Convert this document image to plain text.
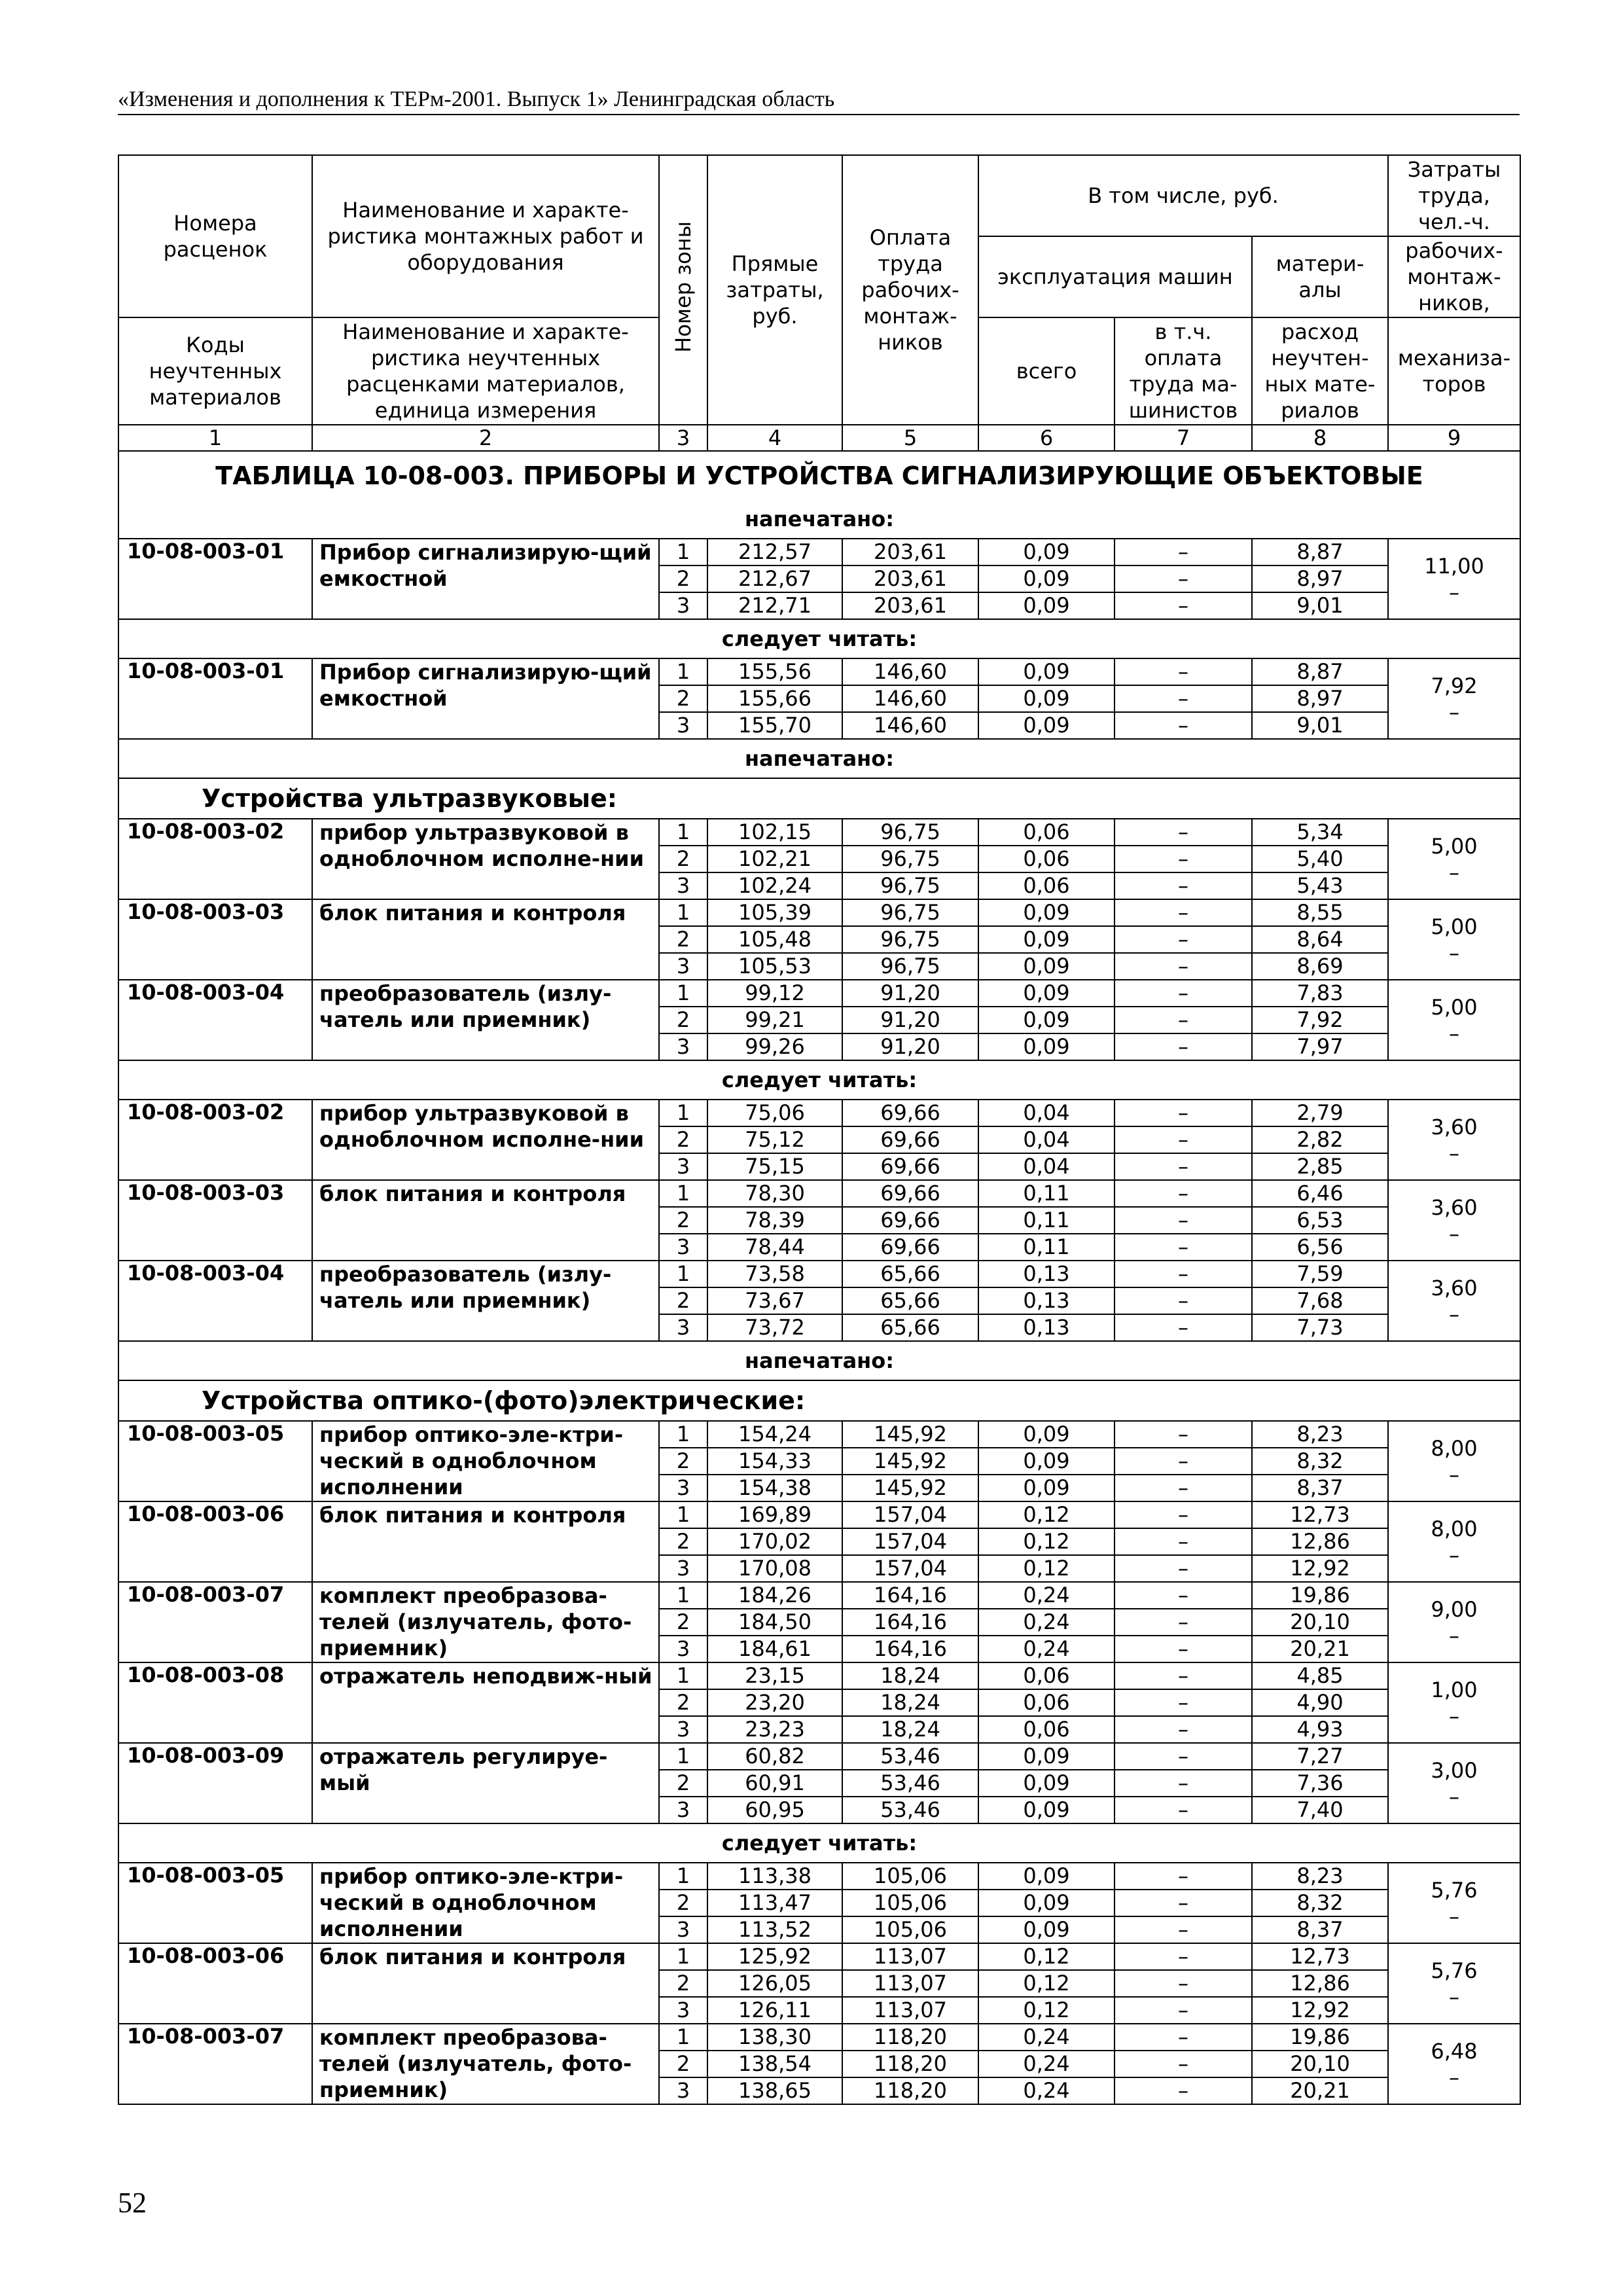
«Изменения и дополнения к ТЕРм-2001. Выпуск 1» Ленинградская область
Номера расценок	Наименование и характе-ристика монтажных работ и оборудования	Номер зоны	Прямые затраты, руб.	Оплата труда рабочих-монтаж-ников	В том числе, руб.			Затраты труда, чел.-ч.
					эксплуатация машин		матери-алы	рабочих-монтаж-ников,
Коды неучтенных материалов	Наименование и характе-ристика неучтенных расценками материалов, единица измерения				всего	в т.ч. оплата труда ма-шинистов	расход неучтен-ных мате-риалов	механиза-торов
1	2	3	4	5	6	7	8	9
ТАБЛИЦА 10-08-003. ПРИБОРЫ И УСТРОЙСТВА СИГНАЛИЗИРУЮЩИЕ ОБЪЕКТОВЫЕ								
напечатано:								
10-08-003-01	Прибор сигнализирую-щий емкостной	1	212,57	203,61	0,09	–	8,87	11,00
–

		2	212,67	203,61	0,09	–	8,97	
		3	212,71	203,61	0,09	–	9,01	
следует читать:								
10-08-003-01	Прибор сигнализирую-щий емкостной	1	155,56	146,60	0,09	–	8,87	7,92
–

		2	155,66	146,60	0,09	–	8,97	
		3	155,70	146,60	0,09	–	9,01	
напечатано:								
Устройства ультразвуковые:								
10-08-003-02	прибор ультразвуковой в одноблочном исполне-нии	1	102,15	96,75	0,06	–	5,34	5,00
–

		2	102,21	96,75	0,06	–	5,40	
		3	102,24	96,75	0,06	–	5,43	
10-08-003-03	блок питания и контроля	1	105,39	96,75	0,09	–	8,55	5,00
–

		2	105,48	96,75	0,09	–	8,64	
		3	105,53	96,75	0,09	–	8,69	
10-08-003-04	преобразователь (излу-чатель или приемник)	1	99,12	91,20	0,09	–	7,83	5,00
–

		2	99,21	91,20	0,09	–	7,92	
		3	99,26	91,20	0,09	–	7,97	
следует читать:								
10-08-003-02	прибор ультразвуковой в одноблочном исполне-нии	1	75,06	69,66	0,04	–	2,79	3,60
–

		2	75,12	69,66	0,04	–	2,82	
		3	75,15	69,66	0,04	–	2,85	
10-08-003-03	блок питания и контроля	1	78,30	69,66	0,11	–	6,46	3,60
–

		2	78,39	69,66	0,11	–	6,53	
		3	78,44	69,66	0,11	–	6,56	
10-08-003-04	преобразователь (излу-чатель или приемник)	1	73,58	65,66	0,13	–	7,59	3,60
–

		2	73,67	65,66	0,13	–	7,68	
		3	73,72	65,66	0,13	–	7,73	
напечатано:								
Устройства оптико-(фото)электрические:								
10-08-003-05	прибор оптико-эле-ктри-ческий в одноблочном исполнении	1	154,24	145,92	0,09	–	8,23	8,00
–

		2	154,33	145,92	0,09	–	8,32	
		3	154,38	145,92	0,09	–	8,37	
10-08-003-06	блок питания и контроля	1	169,89	157,04	0,12	–	12,73	8,00
–

		2	170,02	157,04	0,12	–	12,86	
		3	170,08	157,04	0,12	–	12,92	
10-08-003-07	комплект преобразова-телей (излучатель, фото-приемник)	1	184,26	164,16	0,24	–	19,86	9,00
–

		2	184,50	164,16	0,24	–	20,10	
		3	184,61	164,16	0,24	–	20,21	
10-08-003-08	отражатель неподвиж-ный	1	23,15	18,24	0,06	–	4,85	1,00
–

		2	23,20	18,24	0,06	–	4,90	
		3	23,23	18,24	0,06	–	4,93	
10-08-003-09	отражатель регулируе-мый	1	60,82	53,46	0,09	–	7,27	3,00
–

		2	60,91	53,46	0,09	–	7,36	
		3	60,95	53,46	0,09	–	7,40	
следует читать:								
10-08-003-05	прибор оптико-эле-ктри-ческий в одноблочном исполнении	1	113,38	105,06	0,09	–	8,23	5,76
–

		2	113,47	105,06	0,09	–	8,32	
		3	113,52	105,06	0,09	–	8,37	
10-08-003-06	блок питания и контроля	1	125,92	113,07	0,12	–	12,73	5,76
–

		2	126,05	113,07	0,12	–	12,86	
		3	126,11	113,07	0,12	–	12,92	
10-08-003-07	комплект преобразова-телей (излучатель, фото-приемник)	1	138,30	118,20	0,24	–	19,86	6,48
–

		2	138,54	118,20	0,24	–	20,10	
		3	138,65	118,20	0,24	–	20,21	
52
